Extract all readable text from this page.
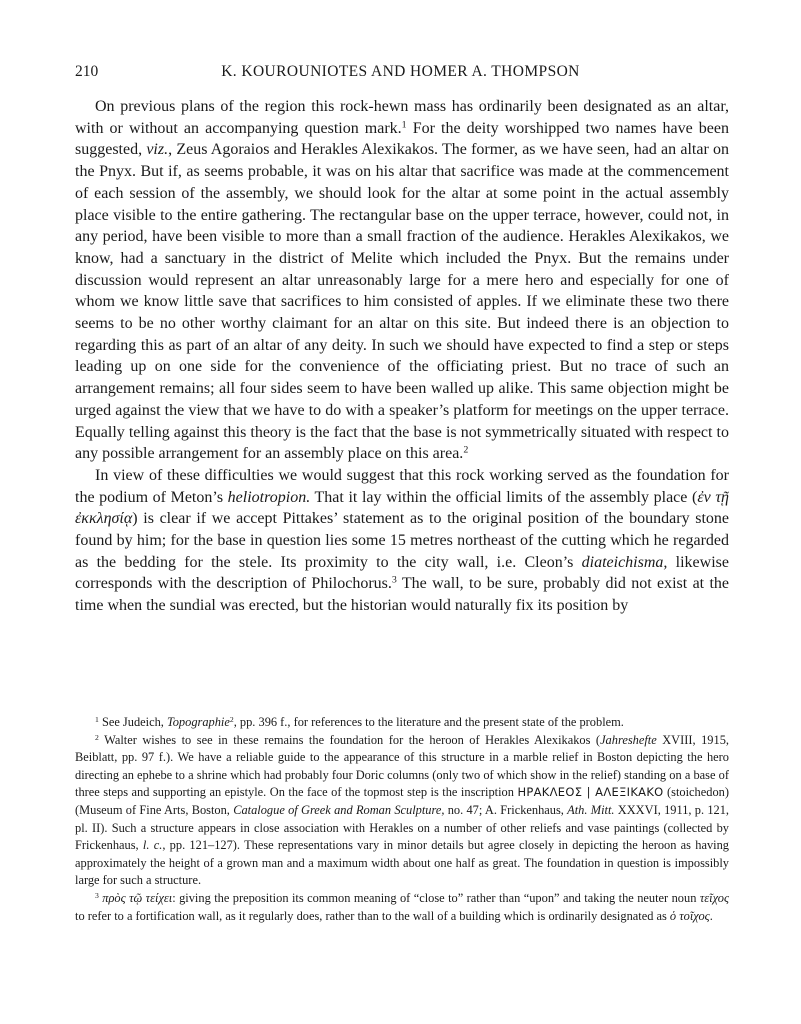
210	K. KOUROUNIOTES AND HOMER A. THOMPSON

On previous plans of the region this rock-hewn mass has ordinarily been designated as an altar, with or without an accompanying question mark.$^1$ For the deity worshipped two names have been suggested, viz., Zeus Agoraios and Herakles Alexikakos. The former, as we have seen, had an altar on the Pnyx. But if, as seems probable, it was on his altar that sacrifice was made at the commencement of each session of the assembly, we should look for the altar at some point in the actual assembly place visible to the entire gathering. The rectangular base on the upper terrace, however, could not, in any period, have been visible to more than a small fraction of the audience. Herakles Alexikakos, we know, had a sanctuary in the district of Melite which included the Pnyx. But the remains under discussion would represent an altar unreasonably large for a mere hero and especially for one of whom we know little save that sacrifices to him consisted of apples. If we eliminate these two there seems to be no other worthy claimant for an altar on this site. But indeed there is an objection to regarding this as part of an altar of any deity. In such we should have expected to find a step or steps leading up on one side for the convenience of the officiating priest. But no trace of such an arrangement remains; all four sides seem to have been walled up alike. This same objection might be urged against the view that we have to do with a speaker’s platform for meetings on the upper terrace. Equally telling against this theory is the fact that the base is not symmetrically situated with respect to any possible arrangement for an assembly place on this area.$^2$

In view of these difficulties we would suggest that this rock working served as the foundation for the podium of Meton’s heliotropion. That it lay within the official limits of the assembly place (ἐν τῇ ἐκκλησίᾳ) is clear if we accept Pittakes’ statement as to the original position of the boundary stone found by him; for the base in question lies some 15 metres northeast of the cutting which he regarded as the bedding for the stele. Its proximity to the city wall, i.e. Cleon’s diateichisma, likewise corresponds with the description of Philochorus.$^3$ The wall, to be sure, probably did not exist at the time when the sundial was erected, but the historian would naturally fix its position by

$^1$ See Judeich, Topographie$^2$, pp. 396 f., for references to the literature and the present state of the problem.

$^2$ Walter wishes to see in these remains the foundation for the heroon of Herakles Alexikakos (Jahreshefte XVIII, 1915, Beiblatt, pp. 97 f.). We have a reliable guide to the appearance of this structure in a marble relief in Boston depicting the hero directing an ephebe to a shrine which had probably four Doric columns (only two of which show in the relief) standing on a base of three steps and supporting an epistyle. On the face of the topmost step is the inscription ΗΡΑΚΛΕΟΣ | ΑΛΕΞΙΚΑΚΟ (stoichedon) (Museum of Fine Arts, Boston, Catalogue of Greek and Roman Sculpture, no. 47; A. Frickenhaus, Ath. Mitt. XXXVI, 1911, p. 121, pl. II). Such a structure appears in close association with Herakles on a number of other reliefs and vase paintings (collected by Frickenhaus, l. c., pp. 121–127). These representations vary in minor details but agree closely in depicting the heroon as having approximately the height of a grown man and a maximum width about one half as great. The foundation in question is impossibly large for such a structure.

$^3$ πρὸς τῷ τείχει: giving the preposition its common meaning of “close to” rather than “upon” and taking the neuter noun τεῖχος to refer to a fortification wall, as it regularly does, rather than to the wall of a building which is ordinarily designated as ὁ τοῖχος.
